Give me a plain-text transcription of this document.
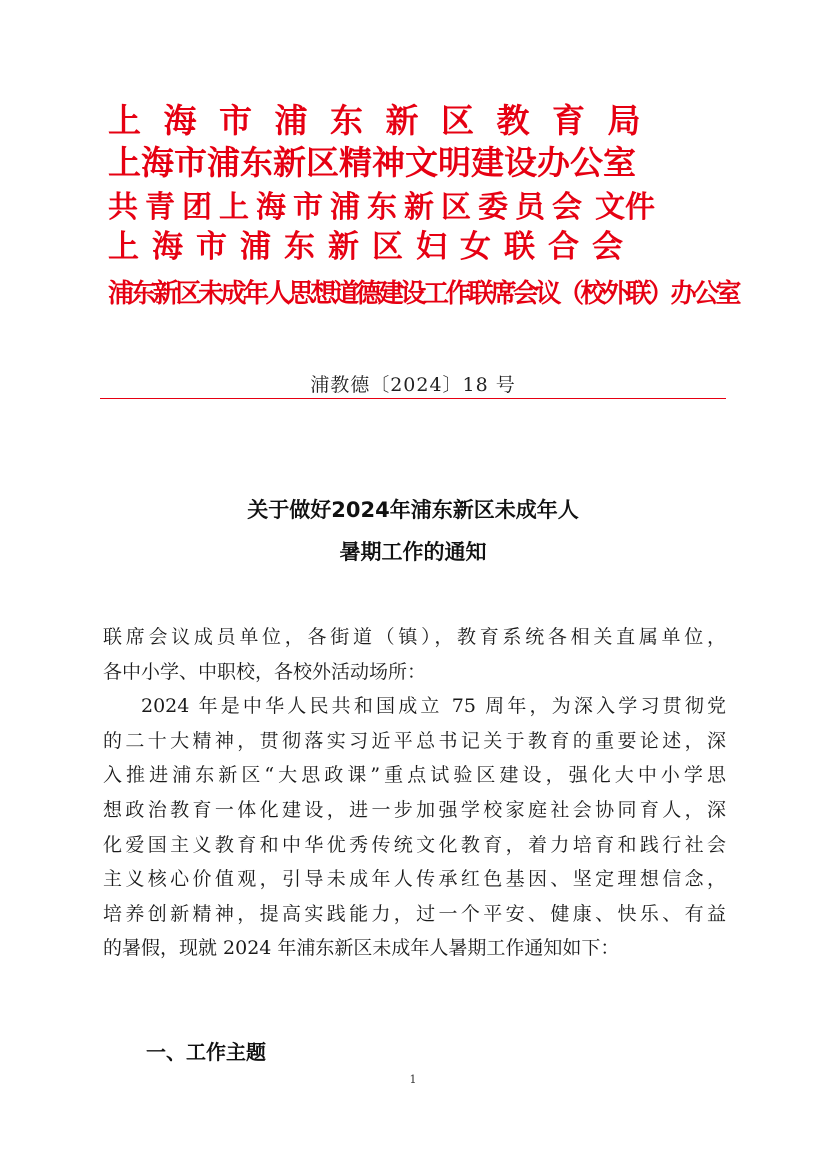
上海市浦东新区教育局
上海市浦东新区精神文明建设办公室
共青团上海市浦东新区委员会 文件
上海市浦东新区妇女联合会
浦东新区未成年人思想道德建设工作联席会议（校外联）办公室
浦教德〔2024〕18 号
关于做好2024年浦东新区未成年人
暑期工作的通知

联席会议成员单位，各街道（镇），教育系统各相关直属单位，

各中小学、中职校，各校外活动场所：

2024 年是中华人民共和国成立 75 周年，为深入学习贯彻党

的二十大精神，贯彻落实习近平总书记关于教育的重要论述，深

入推进浦东新区“大思政课”重点试验区建设，强化大中小学思

想政治教育一体化建设，进一步加强学校家庭社会协同育人，深

化爱国主义教育和中华优秀传统文化教育，着力培育和践行社会

主义核心价值观，引导未成年人传承红色基因、坚定理想信念，

培养创新精神，提高实践能力，过一个平安、健康、快乐、有益

的暑假，现就 2024 年浦东新区未成年人暑期工作通知如下：

一、工作主题
1
